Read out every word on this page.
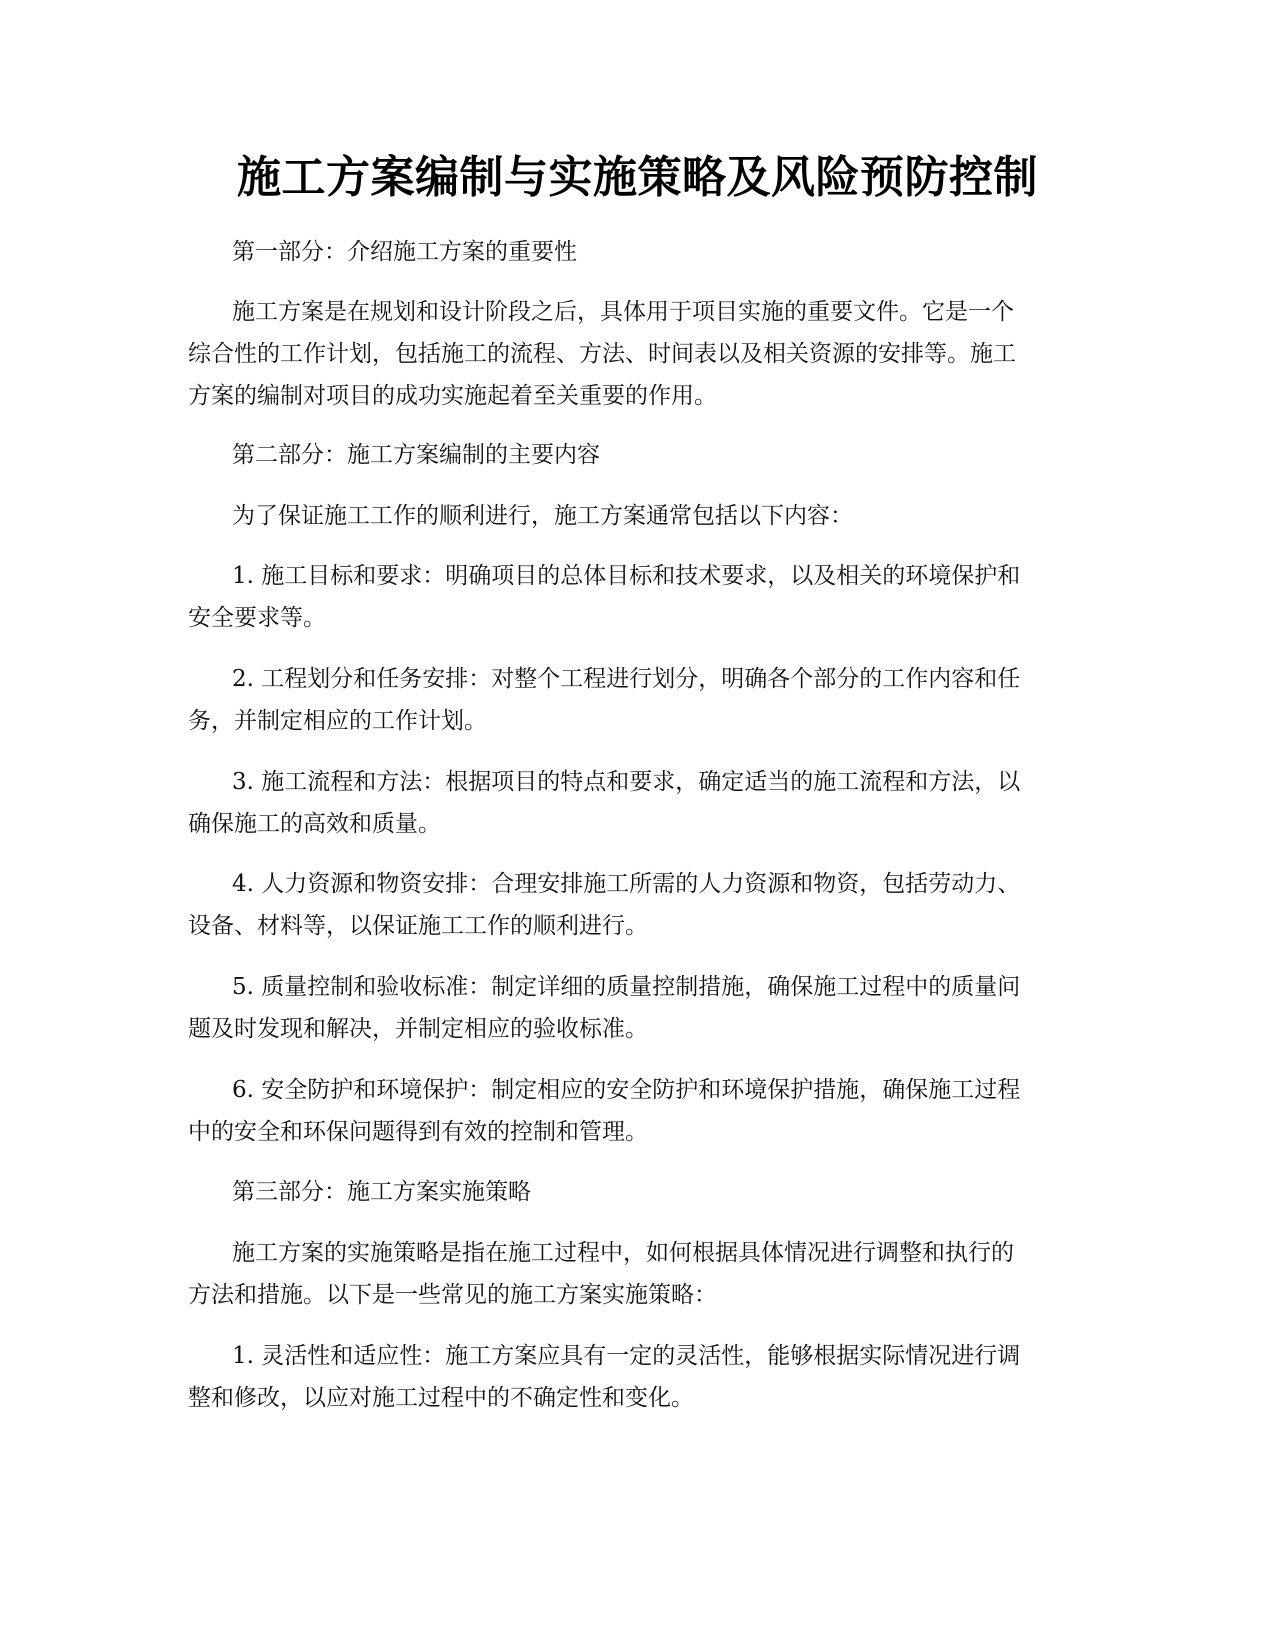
施工方案编制与实施策略及风险预防控制

第一部分：介绍施工方案的重要性

施工方案是在规划和设计阶段之后，具体用于项目实施的重要文件。它是一个
综合性的工作计划，包括施工的流程、方法、时间表以及相关资源的安排等。施工
方案的编制对项目的成功实施起着至关重要的作用。

第二部分：施工方案编制的主要内容

为了保证施工工作的顺利进行，施工方案通常包括以下内容：

1. 施工目标和要求：明确项目的总体目标和技术要求，以及相关的环境保护和
安全要求等。

2. 工程划分和任务安排：对整个工程进行划分，明确各个部分的工作内容和任
务，并制定相应的工作计划。

3. 施工流程和方法：根据项目的特点和要求，确定适当的施工流程和方法，以
确保施工的高效和质量。

4. 人力资源和物资安排：合理安排施工所需的人力资源和物资，包括劳动力、
设备、材料等，以保证施工工作的顺利进行。

5. 质量控制和验收标准：制定详细的质量控制措施，确保施工过程中的质量问
题及时发现和解决，并制定相应的验收标准。

6. 安全防护和环境保护：制定相应的安全防护和环境保护措施，确保施工过程
中的安全和环保问题得到有效的控制和管理。

第三部分：施工方案实施策略

施工方案的实施策略是指在施工过程中，如何根据具体情况进行调整和执行的
方法和措施。以下是一些常见的施工方案实施策略：

1. 灵活性和适应性：施工方案应具有一定的灵活性，能够根据实际情况进行调
整和修改，以应对施工过程中的不确定性和变化。
